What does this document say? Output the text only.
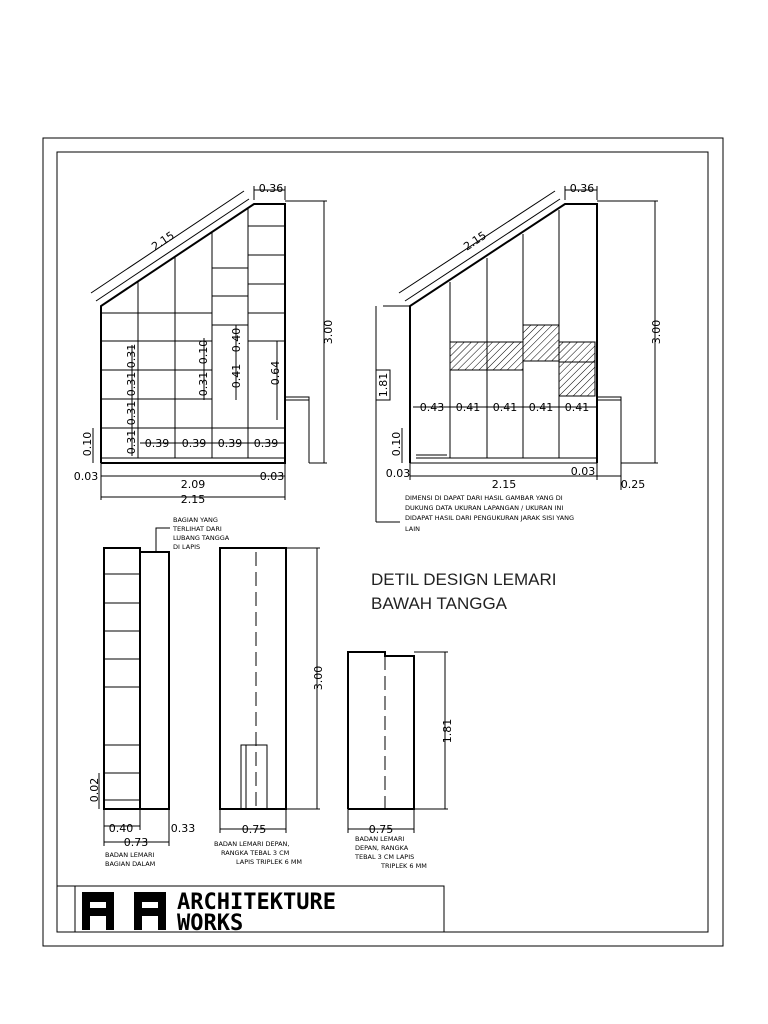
2.15
0.36
3.00
0.10
0.03	0.03
2.09
2.15
0.31
0.31
0.31
0.31 0.39 0.39 0.39 0.39
0.31
0.10
0.41
0.40
0.64
2.15
0.36
3.00
1.81
0.10
0.43 0.41 0.41 0.41 0.41
0.03	0.03
2.15	0.25
DIMENSI DI DAPAT DARI HASIL GAMBAR YANG DI
DUKUNG DATA UKURAN LAPANGAN / UKURAN INI
DIDAPAT HASIL DARI PENGUKURAN JARAK SISI YANG
LAIN
BAGIAN YANG
TERLIHAT DARI
LUBANG TANGGA
DI LAPIS
0.02
0.40	0.33
0.73
BADAN LEMARI
BAGIAN DALAM
3.00
0.75
BADAN LEMARI DEPAN,
RANGKA TEBAL 3 CM
LAPIS TRIPLEK 6 MM
1.81
0.75
BADAN LEMARI
DEPAN, RANGKA
TEBAL 3 CM LAPIS
TRIPLEK 6 MM
DETIL DESIGN LEMARI
BAWAH TANGGA
ARCHITEKTURE
WORKS
